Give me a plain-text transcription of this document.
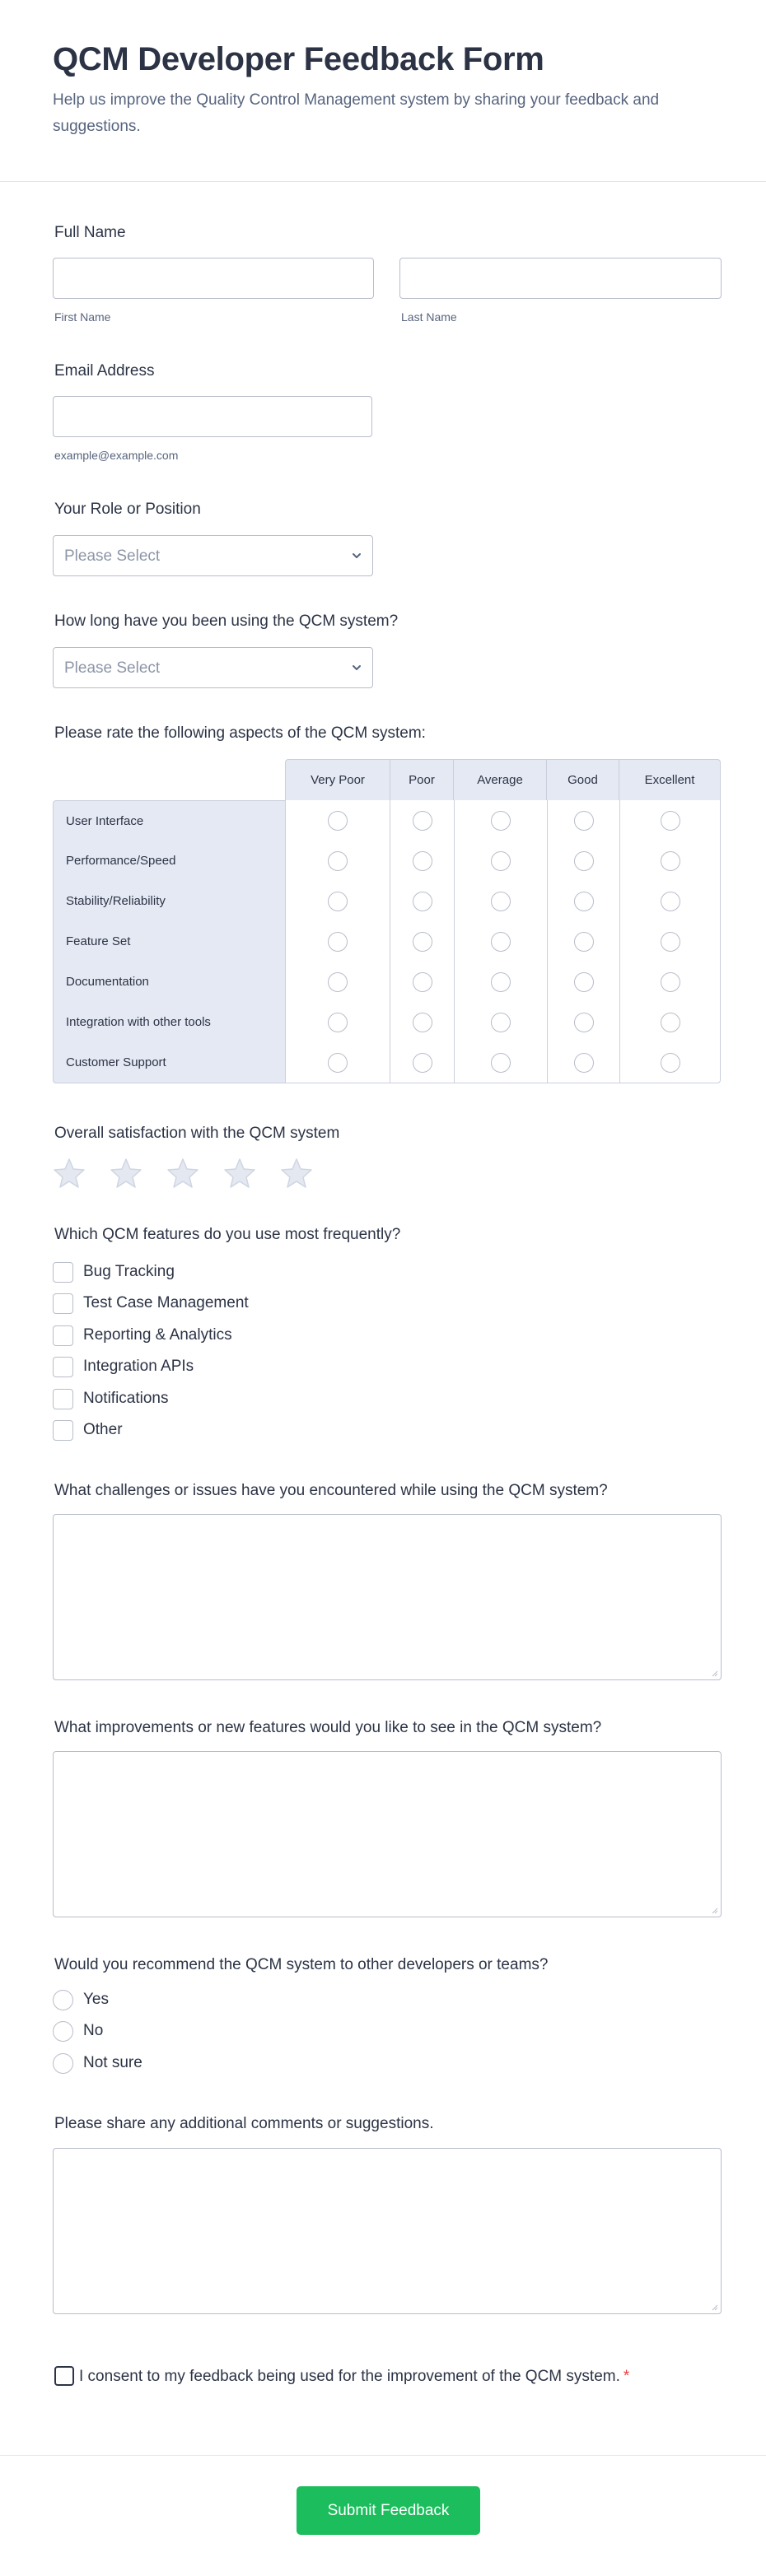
QCM Developer Feedback Form

Help us improve the Quality Control Management system by sharing your feedback and suggestions.

Full Name
First Name	Last Name
Email Address
example@example.com
Your Role or Position
Please Select
How long have you been using the QCM system?
Please Select
Please rate the following aspects of the QCM system:
Very Poor	Poor	Average	Good	Excellent
User Interface
Performance/Speed
Stability/Reliability
Feature Set
Documentation
Integration with other tools
Customer Support
Overall satisfaction with the QCM system
Which QCM features do you use most frequently?
Bug Tracking
Test Case Management
Reporting & Analytics
Integration APIs
Notifications
Other
What challenges or issues have you encountered while using the QCM system?
What improvements or new features would you like to see in the QCM system?
Would you recommend the QCM system to other developers or teams?
Yes
No
Not sure
Please share any additional comments or suggestions.
I consent to my feedback being used for the improvement of the QCM system. *
Submit Feedback
